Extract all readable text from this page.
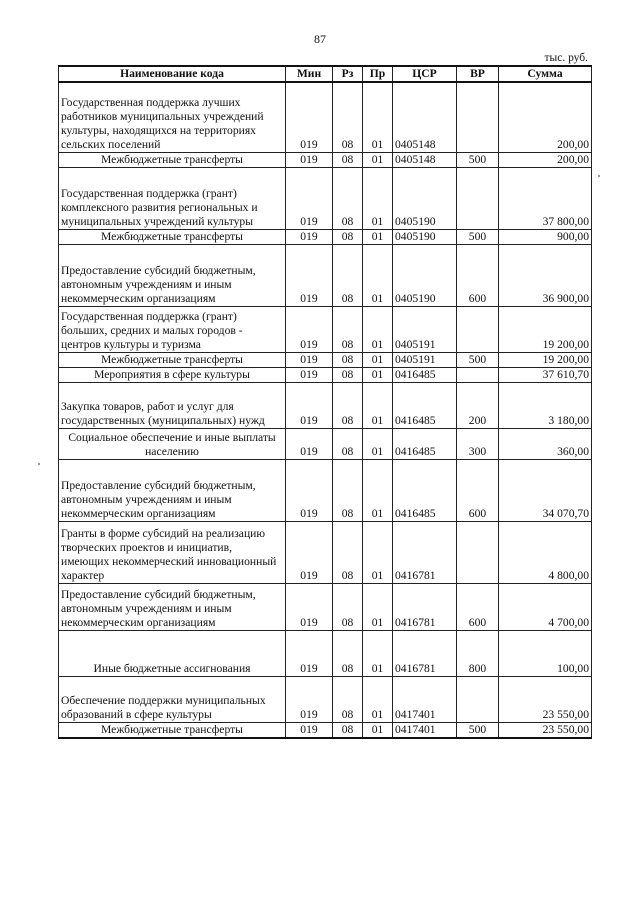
87
тыс. руб.
Наименование кода	Мин	Рз	Пр	ЦСР	ВР	Сумма
Государственная поддержка лучших работников муниципальных учреждений культуры, находящихся на территориях сельских поселений	019	08	01	0405148		200,00
Межбюджетные трансферты	019	08	01	0405148	500	200,00
Государственная поддержка (грант) комплексного развития региональных и муниципальных учреждений культуры	019	08	01	0405190		37 800,00
Межбюджетные трансферты	019	08	01	0405190	500	900,00
Предоставление субсидий бюджетным, автономным учреждениям и иным некоммерческим организациям	019	08	01	0405190	600	36 900,00
Государственная поддержка (грант) больших, средних и малых городов - центров культуры и туризма	019	08	01	0405191		19 200,00
Межбюджетные трансферты	019	08	01	0405191	500	19 200,00
Мероприятия в сфере культуры	019	08	01	0416485		37 610,70
Закупка товаров, работ и услуг для государственных (муниципальных) нужд	019	08	01	0416485	200	3 180,00
Социальное обеспечение и иные выплаты населению	019	08	01	0416485	300	360,00
Предоставление субсидий бюджетным, автономным учреждениям и иным некоммерческим организациям	019	08	01	0416485	600	34 070,70
Гранты в форме субсидий на реализацию творческих проектов и инициатив, имеющих некоммерческий инновационный характер	019	08	01	0416781		4 800,00
Предоставление субсидий бюджетным, автономным учреждениям и иным некоммерческим организациям	019	08	01	0416781	600	4 700,00
Иные бюджетные ассигнования	019	08	01	0416781	800	100,00
Обеспечение поддержки муниципальных образований в сфере культуры	019	08	01	0417401		23 550,00
Межбюджетные трансферты	019	08	01	0417401	500	23 550,00
